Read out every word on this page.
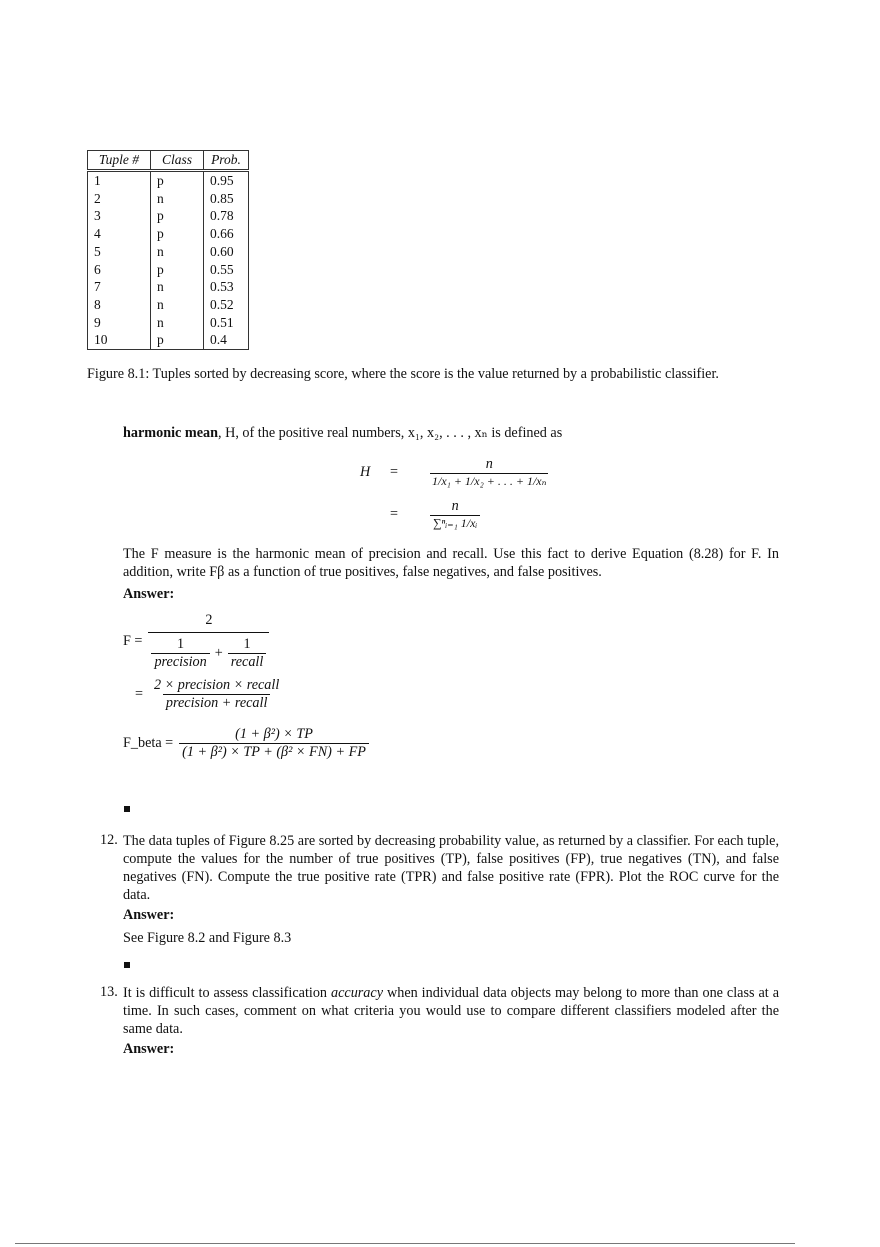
Tuple #	Class	Prob.
1	p	0.95
2	n	0.85
3	p	0.78
4	p	0.66
5	n	0.60
6	p	0.55
7	n	0.53
8	n	0.52
9	n	0.51
10	p	0.4

Figure 8.1: Tuples sorted by decreasing score, where the score is the value returned by a probabilistic classifier.

harmonic mean, H, of the positive real numbers, x₁, x₂, . . . , xₙ is defined as

H	=	$\frac{n}{\text{1/x₁ + 1/x₂ + . . . + 1/xₙ}}$
=	$\frac{n}{\text{∑ⁿᵢ₌₁ 1/xᵢ}}$

The F measure is the harmonic mean of precision and recall. Use this fact to derive Equation (8.28) for F. In addition, write Fβ as a function of true positives, false negatives, and false positives.

Answer:

$F = \frac{2}{\frac{1}{\text{precision}} + \frac{1}{\text{recall}}}$
= $\frac{\text{2 × precision × recall}}{\text{precision + recall}}$
F_beta = $\frac{\text{(1 + β²) × TP}}{\text{(1 + β²) × TP + (β² × FN) + FP}}$
12. The data tuples of Figure 8.25 are sorted by decreasing probability value, as returned by a classifier. For each tuple, compute the values for the number of true positives (TP), false positives (FP), true negatives (TN), and false negatives (FN). Compute the true positive rate (TPR) and false positive rate (FPR). Plot the ROC curve for the data.

Answer:

See Figure 8.2 and Figure 8.3

13. It is difficult to assess classification accuracy when individual data objects may belong to more than one class at a time. In such cases, comment on what criteria you would use to compare different classifiers modeled after the same data.

Answer:
